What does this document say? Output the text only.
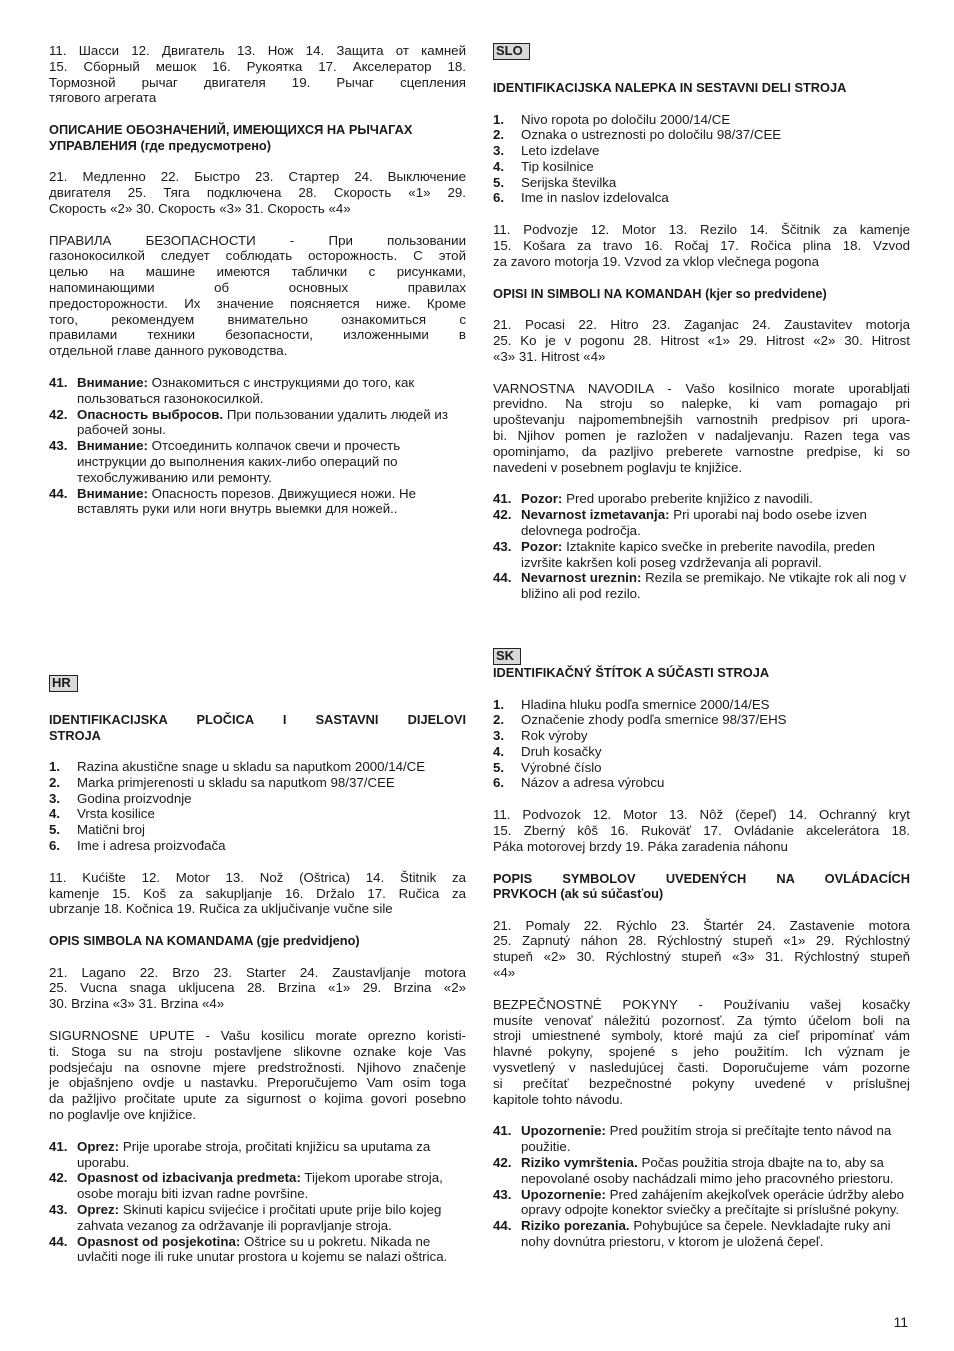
11. Шасси 12. Двигатель 13. Нож 14. Защита от камней
15. Сборный мешок 16. Рукоятка 17. Акселератор 18.
Тормозной рычаг двигателя 19. Рычаг сцепления
тягового агрегата
ОПИСАНИЕ ОБОЗНАЧЕНИЙ, ИМЕЮЩИХСЯ НА РЫЧАГАХ
УПРАВЛЕНИЯ (где предусмотрено)
21. Медленно 22. Быстро 23. Стартер 24. Выключение
двигателя 25. Тяга подключена 28. Скорость «1» 29.
Скорость «2» 30. Скорость «3» 31. Скорость «4»
ПРАВИЛА БЕЗОПАСНОСТИ - При пользовании
газонокосилкой следует соблюдать осторожность. С этой
целью на машине имеются таблички с рисунками,
напоминающими об основных правилах
предосторожности. Их значение поясняется ниже. Кроме
того, рекомендуем внимательно ознакомиться с
правилами техники безопасности, изложенными в
отдельной главе данного руководства.
41. Внимание: Ознакомиться с инструкциями до того, как пользоваться газонокосилкой.
42. Опасность выбросов. При пользовании удалить людей из рабочей зоны.
43. Внимание: Отсоединить колпачок свечи и прочесть инструкции до выполнения каких-либо операций по техобслуживанию или ремонту.
44. Внимание: Опасность порезов. Движущиеся ножи. Не вставлять руки или ноги внутрь выемки для ножей..
HR
IDENTIFIKACIJSKA PLOČICA I SASTAVNI DIJELOVI
STROJA
1.	Razina akustične snage u skladu sa naputkom 2000/14/CE
2.	Marka primjerenosti u skladu sa naputkom 98/37/CEE
3.	Godina proizvodnje
4.	Vrsta kosilice
5.	Matični broj
6.	Ime i adresa proizvođača
11. Kućište 12. Motor 13. Nož (Oštrica) 14. Štitnik za
kamenje 15. Koš za sakupljanje 16. Držalo 17. Ručica za
ubrzanje 18. Kočnica 19. Ručica za uključivanje vučne sile
OPIS SIMBOLA NA KOMANDAMA (gje predvidjeno)
21. Lagano 22. Brzo 23. Starter 24. Zaustavljanje motora
25. Vucna snaga ukljucena 28. Brzina «1» 29. Brzina «2»
30. Brzina «3» 31. Brzina «4»
SIGURNOSNE UPUTE - Vašu kosilicu morate oprezno koristi-
ti. Stoga su na stroju postavljene slikovne oznake koje Vas
podsjećaju na osnovne mjere predstrožnosti. Njihovo značenje
je objašnjeno ovdje u nastavku. Preporučujemo Vam osim toga
da pažljivo pročitate upute za sigurnost o kojima govori posebno
no poglavlje ove knjižice.
41. Oprez: Prije uporabe stroja, pročitati knjižicu sa uputama za uporabu.
42. Opasnost od izbacivanja predmeta: Tijekom uporabe stroja, osobe moraju biti izvan radne površine.
43. Oprez: Skinuti kapicu svijećice i pročitati upute prije bilo kojeg zahvata vezanog za održavanje ili popravljanje stroja.
44. Opasnost od posjekotina: Oštrice su u pokretu. Nikada ne uvlačiti noge ili ruke unutar prostora u kojemu se nalazi oštrica.
SLO
IDENTIFIKACIJSKA NALEPKA IN SESTAVNI DELI STROJA
1.	Nivo ropota po določilu 2000/14/CE
2.	Oznaka o ustreznosti po določilu 98/37/CEE
3.	Leto izdelave
4.	Tip kosilnice
5.	Serijska številka
6.	Ime in naslov izdelovalca
11. Podvozje 12. Motor 13. Rezilo 14. Ščitnik za kamenje
15. Košara za travo 16. Ročaj 17. Ročica plina 18. Vzvod
za zavoro motorja 19. Vzvod za vklop vlečnega pogona
OPISI IN SIMBOLI NA KOMANDAH (kjer so predvidene)
21. Pocasi 22. Hitro 23. Zaganjac 24. Zaustavitev motorja
25. Ko je v pogonu 28. Hitrost «1» 29. Hitrost «2» 30. Hitrost
«3» 31. Hitrost «4»
VARNOSTNA NAVODILA - Vašo kosilnico morate uporabljati
previdno. Na stroju so nalepke, ki vam pomagajo pri
upoštevanju najpomembnejših varnostnih predpisov pri upora-
bi. Njihov pomen je razložen v nadaljevanju. Razen tega vas
opominjamo, da pazljivo preberete varnostne predpise, ki so
navedeni v posebnem poglavju te knjižice.
41. Pozor: Pred uporabo preberite knjižico z navodili.
42. Nevarnost izmetavanja: Pri uporabi naj bodo osebe izven delovnega področja.
43. Pozor: Iztaknite kapico svečke in preberite navodila, preden izvršite kakršen koli poseg vzdrževanja ali popravil.
44. Nevarnost ureznin: Rezila se premikajo. Ne vtikajte rok ali nog v bližino ali pod rezilo.
SK
IDENTIFIKAČNÝ ŠTÍTOK A SÚČASTI STROJA
1.	Hladina hluku podľa smernice 2000/14/ES
2.	Označenie zhody podľa smernice 98/37/EHS
3.	Rok výroby
4.	Druh kosačky
5.	Výrobné číslo
6.	Názov a adresa výrobcu
11. Podvozok 12. Motor 13. Nôž (čepeľ) 14. Ochranný kryt
15. Zberný kôš 16. Rukoväť 17. Ovládanie akcelerátora 18.
Páka motorovej brzdy 19. Páka zaradenia náhonu
POPIS SYMBOLOV UVEDENÝCH NA OVLÁDACÍCH
PRVKOCH (ak sú súčasťou)
21. Pomaly 22. Rýchlo 23. Štartér 24. Zastavenie motora
25. Zapnutý náhon 28. Rýchlostný stupeň «1» 29. Rýchlostný
stupeň «2» 30. Rýchlostný stupeň «3» 31. Rýchlostný stupeň
«4»
BEZPEČNOSTNÉ POKYNY - Používaniu vašej kosačky
musíte venovať náležitú pozornosť. Za týmto účelom boli na
stroji umiestnené symboly, ktoré majú za cieľ pripomínať vám
hlavné pokyny, spojené s jeho použitím. Ich význam je
vysvetlený v nasledujúcej časti. Doporučujeme vám pozorne
si prečítať bezpečnostné pokyny uvedené v príslušnej
kapitole tohto návodu.
41. Upozornenie: Pred použitím stroja si prečítajte tento návod na použitie.
42. Riziko vymrštenia. Počas použitia stroja dbajte na to, aby sa nepovolané osoby nachádzali mimo jeho pracovného priestoru.
43. Upozornenie: Pred zahájením akejkoľvek operácie údržby alebo opravy odpojte konektor sviečky a prečítajte si príslušné pokyny.
44. Riziko porezania. Pohybujúce sa čepele. Nevkladajte ruky ani nohy dovnútra priestoru, v ktorom je uložená čepeľ.
11
